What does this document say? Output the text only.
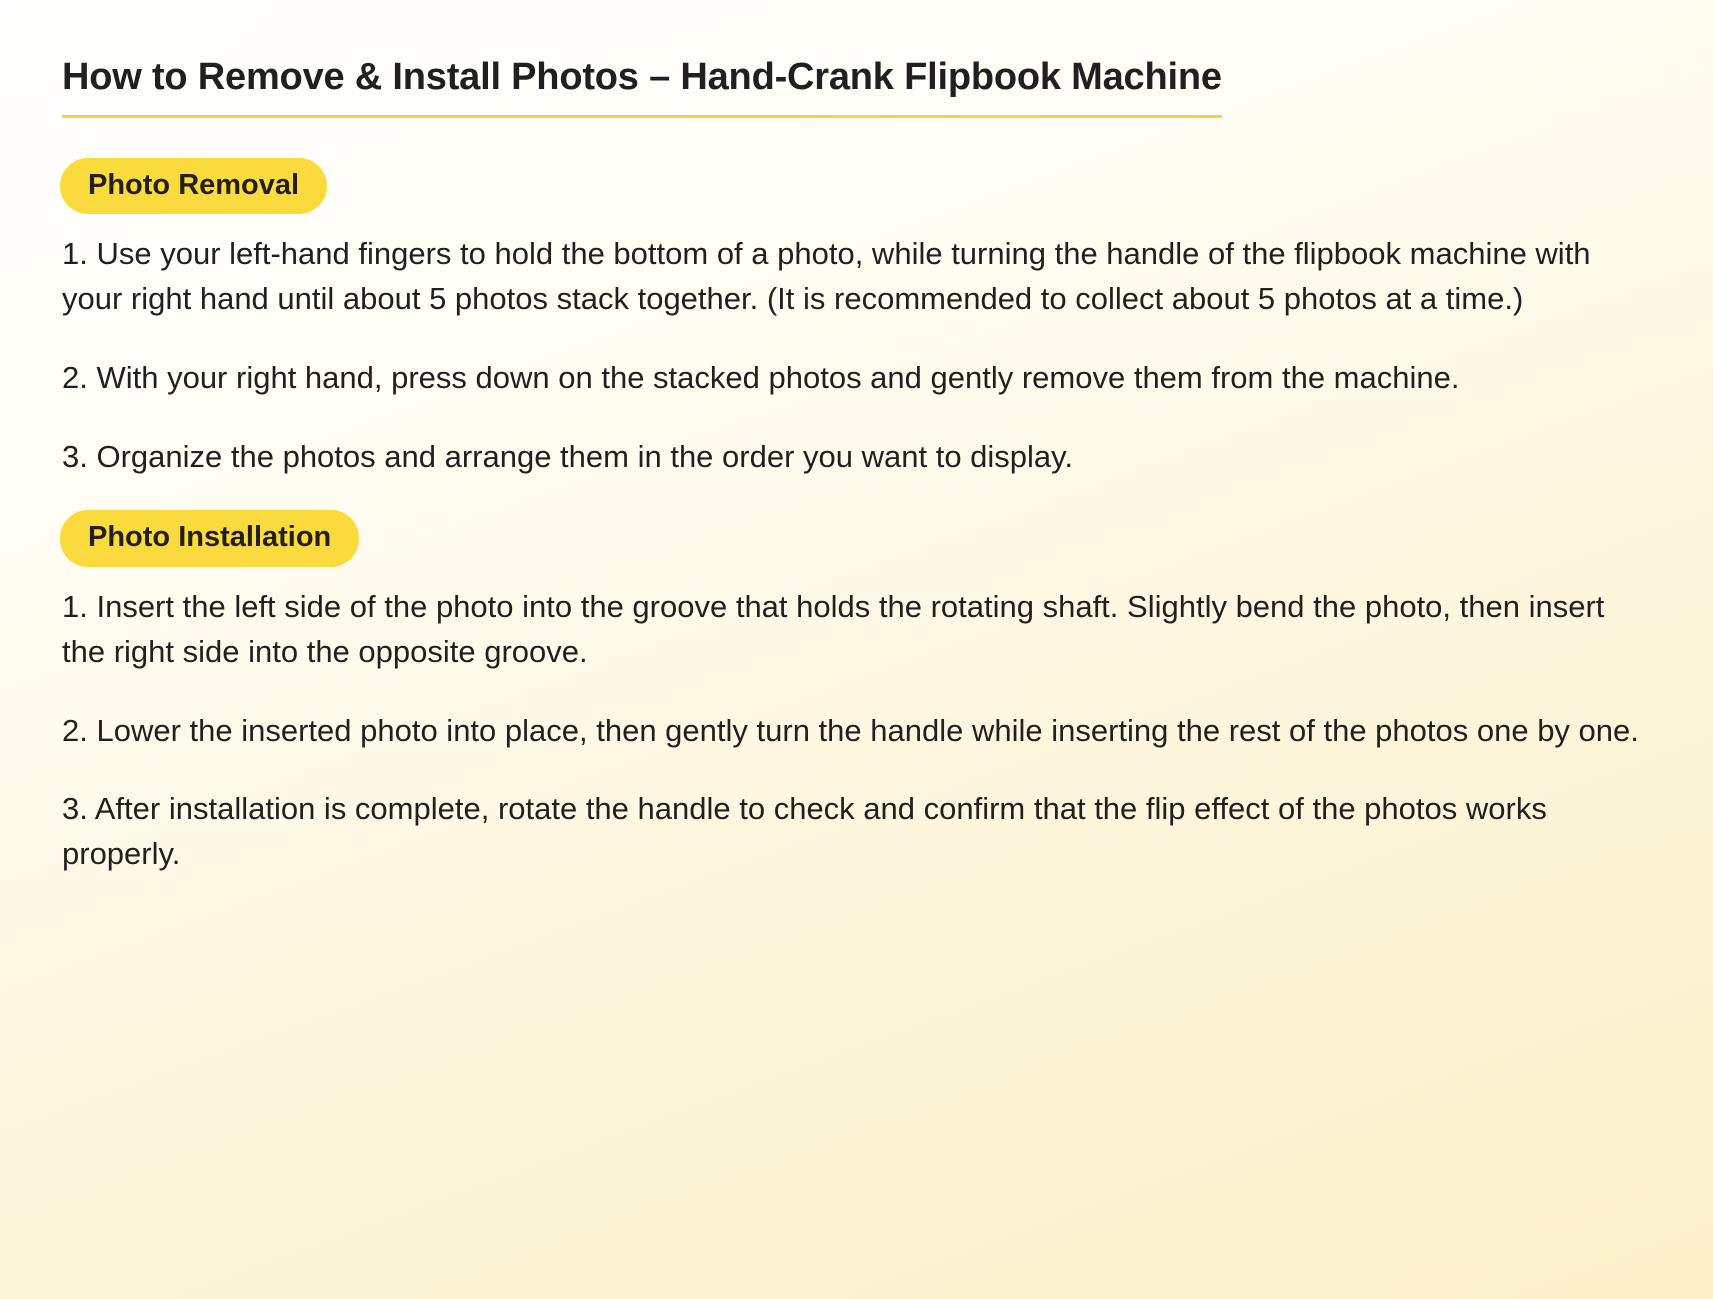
How to Remove & Install Photos – Hand-Crank Flipbook Machine
Photo Removal
1. Use your left-hand fingers to hold the bottom of a photo, while turning the handle of the flipbook machine with your right hand until about 5 photos stack together. (It is recommended to collect about 5 photos at a time.)
2. With your right hand, press down on the stacked photos and gently remove them from the machine.
3. Organize the photos and arrange them in the order you want to display.
Photo Installation
1. Insert the left side of the photo into the groove that holds the rotating shaft. Slightly bend the photo, then insert the right side into the opposite groove.
2. Lower the inserted photo into place, then gently turn the handle while inserting the rest of the photos one by one.
3. After installation is complete, rotate the handle to check and confirm that the flip effect of the photos works properly.
